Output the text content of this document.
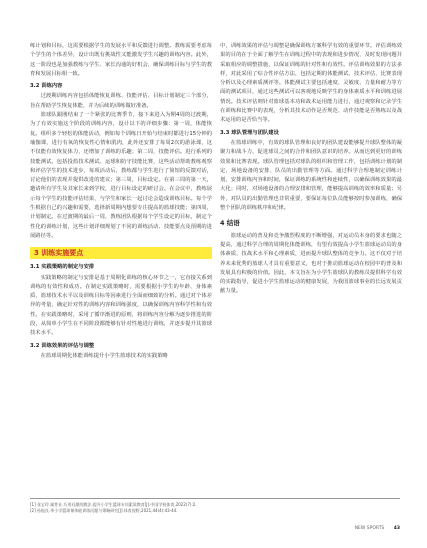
练计划和目标，这需要根据学生的发展水平和反馈进行调整。教练需要考虑每个学生的个体差异，设计出既有挑战性又能激发学生兴趣的训练内容。此外，这一阶段也是加强教练与学生、家长沟通的好机会，确保训练目标与学生的教育和发展目标相一致。

3.2 训练内容

过渡期训练内容包括体能恢复训练、技能评估、目标计划制定三个部分，旨在帮助学生恢复体能，并为后续的训练做好准备。

篮球队跟刚结束了一个紧张的比赛季节，接下来进入为期4周的过渡期，为了有效实施这个阶段的训练内容，设计以下的详细步骤：第一周，体能恢复。组织多个轻松的体能活动，例如每个训练日开始与结束时都进行15分钟的瑜伽课，进行有氧的恢复性心情和肌肉，此外还安排了每周2次的游泳课，这不仅能有效恢复体力，还增加了训练的乐趣；第二周，技能评估。进行系列的技能测试，包括投篮技术测试、运球和防守技能比赛，这些活动帮助教练观察和评估学生的技术进步，每项活动后，教练都与学生进行了简短的反馈对话，讨论他们的表现并提供改进的建议；第三周，目标设定。在第三周的第一天，邀请所有学生及其家长来到学校，进行目标设定的研讨会。在会议中，教练展示每个学生的技能评估结果，与学生和家长一起讨论会造成训练目标。每个学生根据自己的兴趣和需要，选择新周期内想要专注提高的篮球技能；第四周，计划制定。在过渡期的最后一周，教练团队根据每个学生设定的目标，制定个性化的训练计划，这些计划详细规划了不同的训练活动、技能要点及预期的进展路径等。

3 训练实施要点
3.1 实践策略的制定与安排

实践策略的制定与安排是基于周期化训练的核心环节之一，它直接关系到训练的有效性和成功。在制定实践策略时，需要根据小学生的年龄、身体素质、篮球技术水平以及训练目标等因素进行全面而细致的分析。通过对个体差异的考量，确定针对性的训练内容和训练强度，以确保训练内容科学性和有效性。在实践策略时，采用了循序渐进的原则，将训练内容分解为逐步推进的阶段，从简单小学生在不同阶段都能够有针对性地进行训练，并逐步提升其篮球技术水平。

3.2 训练效果的评估与调整

在篮球周期化体能训练提升小学生篮球技术的实践策略

中，训练效果的评估与调整是确保训练方案科学有效的重要环节。评估训练效果的目的在于全面了解学生在训练过程中的表现和进步情况，及时发现问题并采取相应的调整措施，以保证训练的针对性和有效性。评估训练效果的方法多样，对此采用了综合性评估方法，包括定期的体能测试、技术评估、比赛表现分析以及心理素质测评等。体能测试主要包括速度、灵敏度、力量和耐力等方面的测试项目，通过这些测试可以客观地反映学生的身体素质水平和训练进展情况。技术评估则针对篮球基本功和战术运用能力进行，通过观察和记录学生在训练和比赛中的表现，分析其技术动作是否规范、动作技能是否熟练以及战术运用的是否恰当等。

3.3 球队管理与团队建设

在篮球训练中，有效的球队管理和良好的团队建设能够提升球队整体的凝聚力和战斗力，促进球员之间的合作和团队意识的培养。从而达到更好的训练效果和比赛表现。球队管理包括对球队的组织和管理工作，包括训练计划的制定、场地设备的安排、队员的出勤管理等方面。通过科学合理地制定训练计划，安排训练内容和时间，保证训练的系统性和连续性，以确保训练效果的最大化；同时，对场地设备的合理安排和管理，能够提高训练的效率和质量；另外，对队员的出勤管理也非常重要，要保证每位队员能够按时参加训练，确保整个团队的训练秩序和纪律。

4 结语

篮球运动的普及和竞争激烈程度的不断增强，对运动员本身的要求也随之提高，通过科学合理的周期化体能训练，有望有效提高小学生篮球运动员的身体素质、技战术水平和心理素质，进而提升球队整体的竞争力。这不仅对于培养未来优秀的篮球人才具有重要意义，也对于推动篮球运动在校园中的普及和发展具有积极的价值。因此，本文旨在为小学生篮球队的教练员提供科学有效的实践指导，促进小学生篮球运动的健康发展，为我国篮球事业的长远发展贡献力量。

[1] 张宝玲.属性社.巧用问题的跳法.提升小学生篮球专项素质教育[J].中国学校体育,2022(7):2.
[2] 孙振良.华小学篮球课体能训练问题与策略研究[J].体育视野,2021,44(4):43-44.
NEW SPORTS 43
